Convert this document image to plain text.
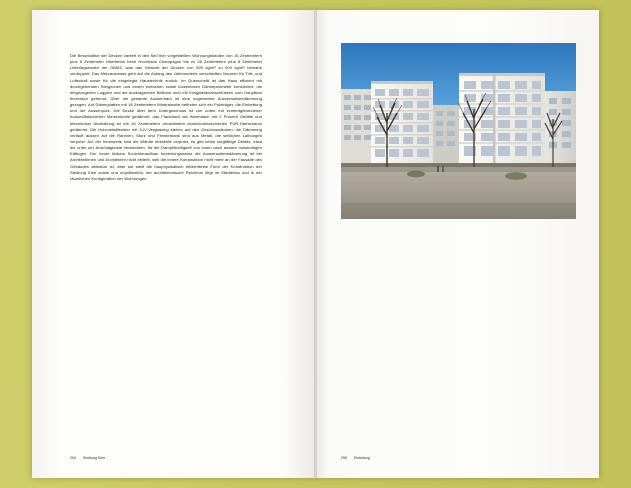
Die Betonstärke der Decken variiert in den fünf hier vorgestellten Wohnungsbauten von 16 Zentimetern plus 5 Zentimeter Überbeton beim Hochhaus Champagne bis zu 28 Zentimetern plus 8 Zentimeter Unterlagsboden der GBMZ, was das Gewicht der Decken von 525 kg/m² zu 900 kg/m² beinahe verdoppelt. Das Mehrausmass geht auf die Anfang des Jahrhunderts verschärften Normen für Tritt- und Luftschall sowie für die eingelegte Haustechnik zurück. Im Querschnitt ist das Haus effizient mit durchgehenden Steigzonen und einem einfachen sowie lückenlosen Dämmperimeter konstruiert, die eingezogenen Loggien und die auskragenden Balkone sind mit Kragplattenanschlüssen vom Hauptbau thermisch getrennt. Über die gesamte Aussenhaut ist eine sogenannte Aussenwärmedämmung gezogen. Auf Dämmplatten mit 18 Zentimetern Mineralwolle befinden sich ein Putzträger, die Einbettung und der Aussenputz. Die Decke über dem Untergeschoss ist von unten mit zementgebundener holzwollkaschierter Mineralwolle gedämmt, das Flachdach als Warmdach mit 2 Prozent Gefälle und bituminöser Abdichtung ist mit 16 Zentimetern drucktestem aluminiumkaschierten PUR-Hartschaum gedämmt. Die Holzmetallfenster mit 3-IV-Verglasung stehen auf den Geschossdecken, die Dämmung verläuft aussen auf die Rahmen, Sturz und Fensterbank sind aus Metall, die seitlichen Laibungen verputzt. Auf der Innenseite sind die Wände ebenfalls verputzt, es gibt keine sorgfältige Details, etwa die unter der Anschlagleiste versteckten, für die Dampfdichtigkeit von innen nach aussen notwendigen Kittfugen. Der heute übliche Schichtenaufbau beziehungsweise die Aussenwärmedämmung ist bei Architektinnen und Architekten nicht beliebt, weil die innere Konstruktion nicht mehr an der Fassade des Gebäudes ablesbar ist, aber sie stellt die bauphysikalisch effizienteste Form der Konstruktion der Siedlung Klee solide und unprätentiös, der architektonische Reichtum liegt im Städtebau und in der räumlichen Konfiguration der Wohnungen.
294 Siedlung Klee	295 Einleitung
